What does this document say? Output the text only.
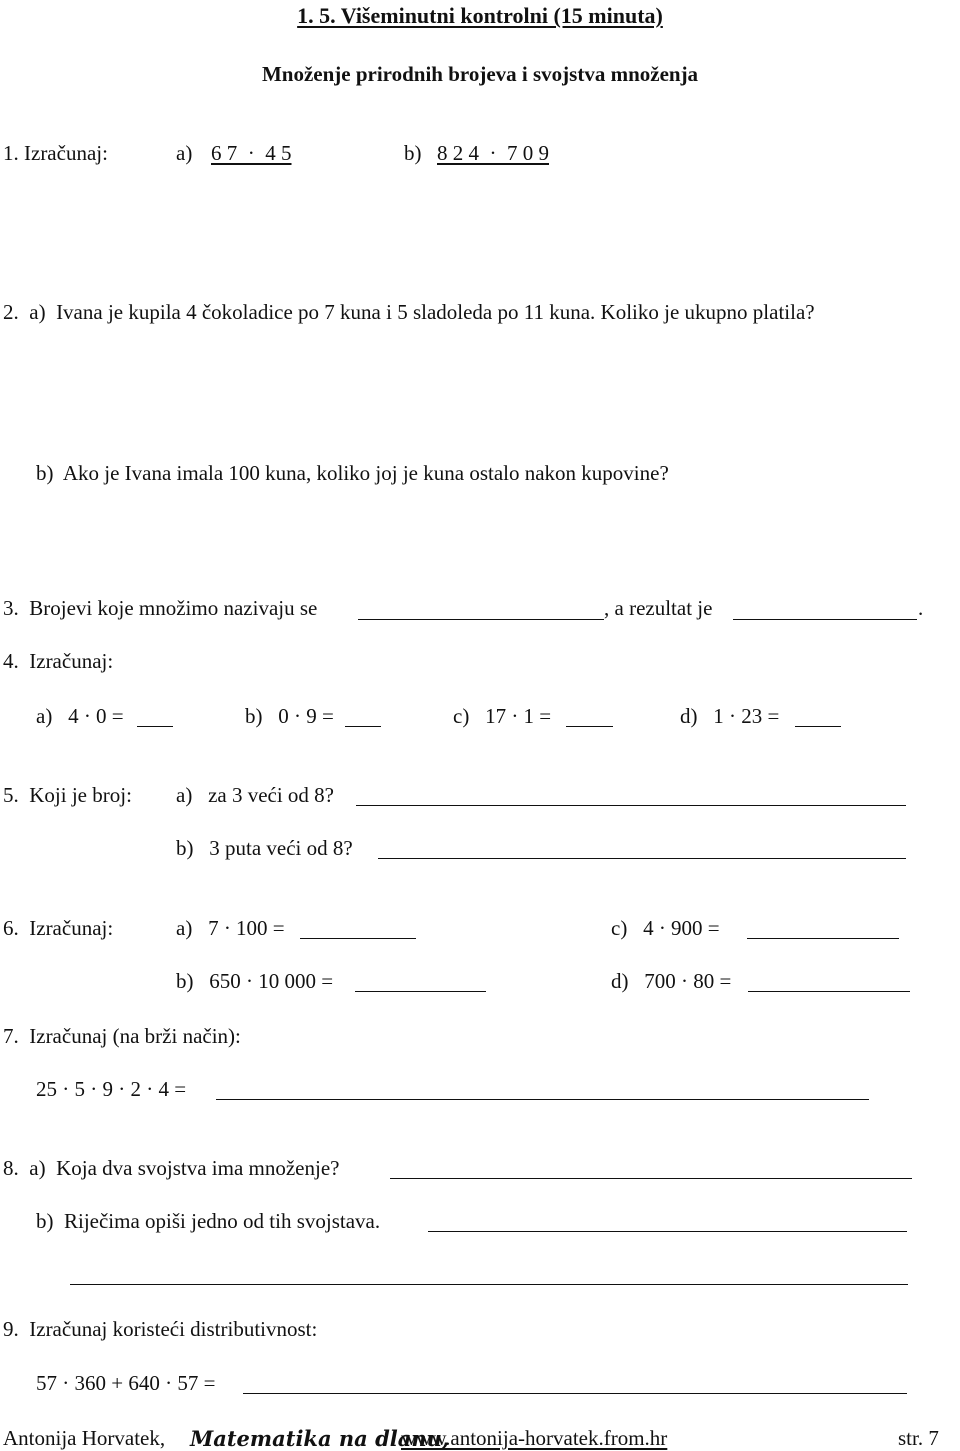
1. 5. Višeminutni kontrolni (15 minuta)
Množenje prirodnih brojeva i svojstva množenja
1. Izračunaj:	a) 6 7  ·  4 5	b) 8 2 4  ·  7 0 9
2.  a)  Ivana je kupila 4 čokoladice po 7 kuna i 5 sladoleda po 11 kuna. Koliko je ukupno platila?
b)  Ako je Ivana imala 100 kuna, koliko joj je kuna ostalo nakon kupovine?
3.  Brojevi koje množimo nazivaju se	, a rezultat je	.
4.  Izračunaj:
a)   4 · 0 =	b)   0 · 9 =	c)   17 · 1 =	d)   1 · 23 =
5.  Koji je broj: a)   za 3 veći od 8?
b)   3 puta veći od 8?
6.  Izračunaj:	a)   7 · 100 =	c)   4 · 900 =
b)   650 · 10 000 =	d)   700 · 80 =
7.  Izračunaj (na brži način):
25 · 5 · 9 · 2 · 4 =
8.  a)  Koja dva svojstva ima množenje?
b)  Riječima opiši jedno od tih svojstava.
9.  Izračunaj koristeći distributivnost:
57 · 360 + 640 · 57 =
Antonija Horvatek, Matematika na dlanu,
www.antonija-horvatek.from.hr	str. 7
